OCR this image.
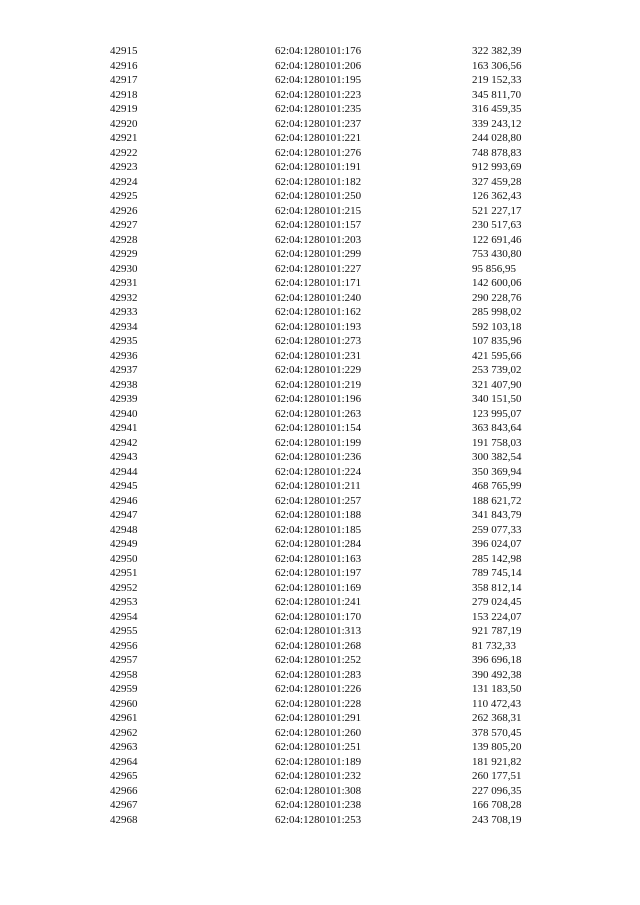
42915	62:04:1280101:176	322 382,39
42916	62:04:1280101:206	163 306,56
42917	62:04:1280101:195	219 152,33
42918	62:04:1280101:223	345 811,70
42919	62:04:1280101:235	316 459,35
42920	62:04:1280101:237	339 243,12
42921	62:04:1280101:221	244 028,80
42922	62:04:1280101:276	748 878,83
42923	62:04:1280101:191	912 993,69
42924	62:04:1280101:182	327 459,28
42925	62:04:1280101:250	126 362,43
42926	62:04:1280101:215	521 227,17
42927	62:04:1280101:157	230 517,63
42928	62:04:1280101:203	122 691,46
42929	62:04:1280101:299	753 430,80
42930	62:04:1280101:227	95 856,95
42931	62:04:1280101:171	142 600,06
42932	62:04:1280101:240	290 228,76
42933	62:04:1280101:162	285 998,02
42934	62:04:1280101:193	592 103,18
42935	62:04:1280101:273	107 835,96
42936	62:04:1280101:231	421 595,66
42937	62:04:1280101:229	253 739,02
42938	62:04:1280101:219	321 407,90
42939	62:04:1280101:196	340 151,50
42940	62:04:1280101:263	123 995,07
42941	62:04:1280101:154	363 843,64
42942	62:04:1280101:199	191 758,03
42943	62:04:1280101:236	300 382,54
42944	62:04:1280101:224	350 369,94
42945	62:04:1280101:211	468 765,99
42946	62:04:1280101:257	188 621,72
42947	62:04:1280101:188	341 843,79
42948	62:04:1280101:185	259 077,33
42949	62:04:1280101:284	396 024,07
42950	62:04:1280101:163	285 142,98
42951	62:04:1280101:197	789 745,14
42952	62:04:1280101:169	358 812,14
42953	62:04:1280101:241	279 024,45
42954	62:04:1280101:170	153 224,07
42955	62:04:1280101:313	921 787,19
42956	62:04:1280101:268	81 732,33
42957	62:04:1280101:252	396 696,18
42958	62:04:1280101:283	390 492,38
42959	62:04:1280101:226	131 183,50
42960	62:04:1280101:228	110 472,43
42961	62:04:1280101:291	262 368,31
42962	62:04:1280101:260	378 570,45
42963	62:04:1280101:251	139 805,20
42964	62:04:1280101:189	181 921,82
42965	62:04:1280101:232	260 177,51
42966	62:04:1280101:308	227 096,35
42967	62:04:1280101:238	166 708,28
42968	62:04:1280101:253	243 708,19
